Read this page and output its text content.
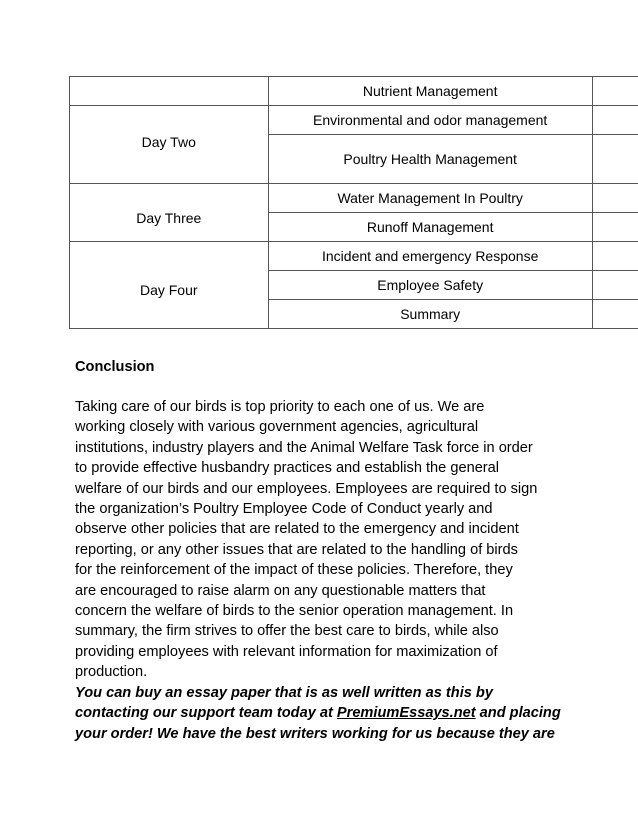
	Nutrient Management	
Day Two	Environmental and odor management	
	Poultry Health Management	
Day Three	Water Management In Poultry	
	Runoff Management	
Day Four	Incident and emergency Response	
	Employee Safety	
	Summary	
Conclusion
Taking care of our birds is top priority to each one of us. We are
working closely with various government agencies, agricultural
institutions, industry players and the Animal Welfare Task force in order
to provide effective husbandry practices and establish the general
welfare of our birds and our employees. Employees are required to sign
the organization’s Poultry Employee Code of Conduct yearly and
observe other policies that are related to the emergency and incident
reporting, or any other issues that are related to the handling of birds
for the reinforcement of the impact of these policies. Therefore, they
are encouraged to raise alarm on any questionable matters that
concern the welfare of birds to the senior operation management. In
summary, the firm strives to offer the best care to birds, while also
providing employees with relevant information for maximization of
production.
You can buy an essay paper that is as well written as this by
contacting our support team today at PremiumEssays.net and placing
your order! We have the best writers working for us because they are
